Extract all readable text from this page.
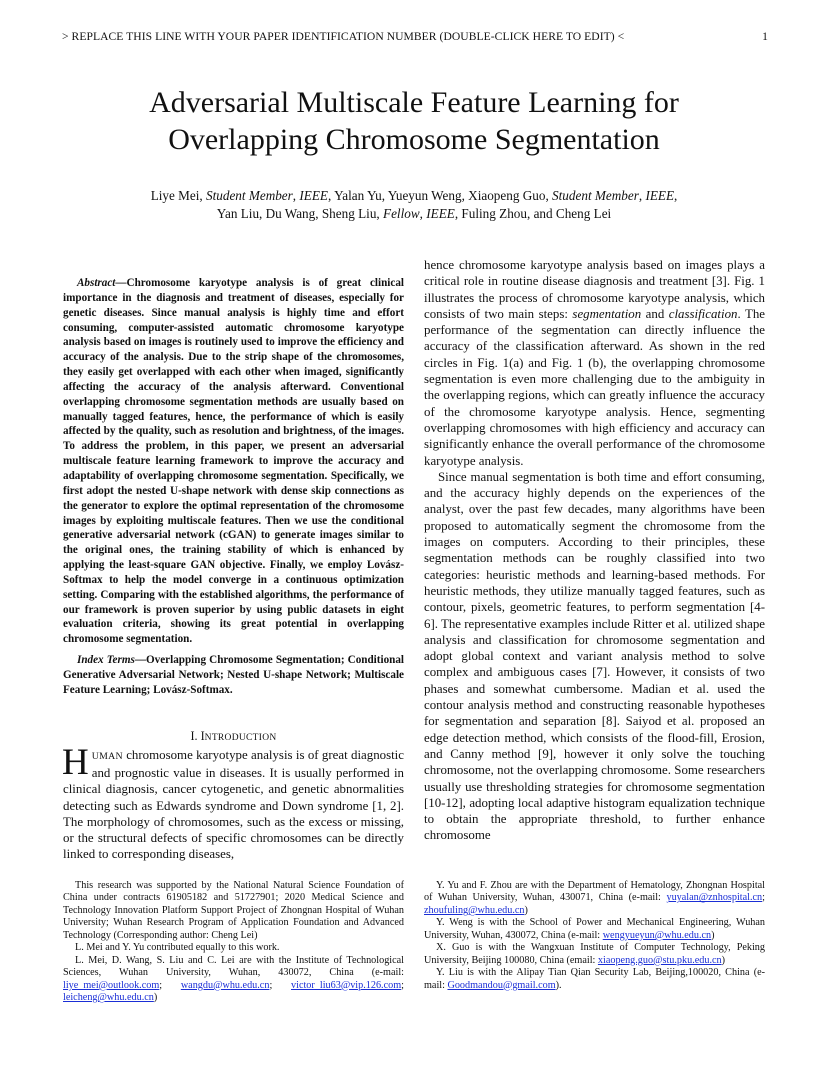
> REPLACE THIS LINE WITH YOUR PAPER IDENTIFICATION NUMBER (DOUBLE-CLICK HERE TO EDIT) <	1
Adversarial Multiscale Feature Learning for
Overlapping Chromosome Segmentation
Liye Mei, Student Member, IEEE, Yalan Yu, Yueyun Weng, Xiaopeng Guo, Student Member, IEEE,
Yan Liu, Du Wang, Sheng Liu, Fellow, IEEE, Fuling Zhou, and Cheng Lei
Abstract—Chromosome karyotype analysis is of great clinical importance in the diagnosis and treatment of diseases, especially for genetic diseases. Since manual analysis is highly time and effort consuming, computer-assisted automatic chromosome karyotype analysis based on images is routinely used to improve the efficiency and accuracy of the analysis. Due to the strip shape of the chromosomes, they easily get overlapped with each other when imaged, significantly affecting the accuracy of the analysis afterward. Conventional overlapping chromosome segmentation methods are usually based on manually tagged features, hence, the performance of which is easily affected by the quality, such as resolution and brightness, of the images. To address the problem, in this paper, we present an adversarial multiscale feature learning framework to improve the accuracy and adaptability of overlapping chromosome segmentation. Specifically, we first adopt the nested U-shape network with dense skip connections as the generator to explore the optimal representation of the chromosome images by exploiting multiscale features. Then we use the conditional generative adversarial network (cGAN) to generate images similar to the original ones, the training stability of which is enhanced by applying the least-square GAN objective. Finally, we employ Lovász-Softmax to help the model converge in a continuous optimization setting. Comparing with the established algorithms, the performance of our framework is proven superior by using public datasets in eight evaluation criteria, showing its great potential in overlapping chromosome segmentation.
Index Terms—Overlapping Chromosome Segmentation; Conditional Generative Adversarial Network; Nested U-shape Network; Multiscale Feature Learning; Lovász-Softmax.
I. INTRODUCTION
HUMAN chromosome karyotype analysis is of great diagnostic and prognostic value in diseases. It is usually performed in clinical diagnosis, cancer cytogenetic, and genetic abnormalities detecting such as Edwards syndrome and Down syndrome [1, 2]. The morphology of chromosomes, such as the excess or missing, or the structural defects of specific chromosomes can be directly linked to corresponding diseases,

hence chromosome karyotype analysis based on images plays a critical role in routine disease diagnosis and treatment [3]. Fig. 1 illustrates the process of chromosome karyotype analysis, which consists of two main steps: segmentation and classification. The performance of the segmentation can directly influence the accuracy of the classification afterward. As shown in the red circles in Fig. 1(a) and Fig. 1 (b), the overlapping chromosome segmentation is even more challenging due to the ambiguity in the overlapping regions, which can greatly influence the accuracy of the chromosome karyotype analysis. Hence, segmenting overlapping chromosomes with high efficiency and accuracy can significantly enhance the overall performance of the chromosome karyotype analysis.

Since manual segmentation is both time and effort consuming, and the accuracy highly depends on the experiences of the analyst, over the past few decades, many algorithms have been proposed to automatically segment the chromosome from the images on computers. According to their principles, these segmentation methods can be roughly classified into two categories: heuristic methods and learning-based methods. For heuristic methods, they utilize manually tagged features, such as contour, pixels, geometric features, to perform segmentation [4-6]. The representative examples include Ritter et al. utilized shape analysis and classification for chromosome segmentation and adopt global context and variant analysis method to solve complex and ambiguous cases [7]. However, it consists of two phases and somewhat cumbersome. Madian et al. used the contour analysis method and constructing reasonable hypotheses for segmentation and separation [8]. Saiyod et al. proposed an edge detection method, which consists of the flood-fill, Erosion, and Canny method [9], however it only solve the touching chromosome, not the overlapping chromosome. Some researchers usually use thresholding strategies for chromosome segmentation [10-12], adopting local adaptive histogram equalization technique to obtain the appropriate threshold, to further enhance chromosome

This research was supported by the National Natural Science Foundation of China under contracts 61905182 and 51727901; 2020 Medical Science and Technology Innovation Platform Support Project of Zhongnan Hospital of Wuhan University; Wuhan Research Program of Application Foundation and Advanced Technology (Corresponding author: Cheng Lei)

L. Mei and Y. Yu contributed equally to this work.

L. Mei, D. Wang, S. Liu and C. Lei are with the Institute of Technological Sciences, Wuhan University, Wuhan, 430072, China (e-mail: liye_mei@outlook.com; wangdu@whu.edu.cn; victor_liu63@vip.126.com; leicheng@whu.edu.cn)

Y. Yu and F. Zhou are with the Department of Hematology, Zhongnan Hospital of Wuhan University, Wuhan, 430071, China (e-mail: yuyalan@znhospital.cn; zhoufuling@whu.edu.cn)

Y. Weng is with the School of Power and Mechanical Engineering, Wuhan University, Wuhan, 430072, China (e-mail: wengyueyun@whu.edu.cn)

X. Guo is with the Wangxuan Institute of Computer Technology, Peking University, Beijing 100080, China (email: xiaopeng.guo@stu.pku.edu.cn)

Y. Liu is with the Alipay Tian Qian Security Lab, Beijing,100020, China (e-mail: Goodmandou@gmail.com).
